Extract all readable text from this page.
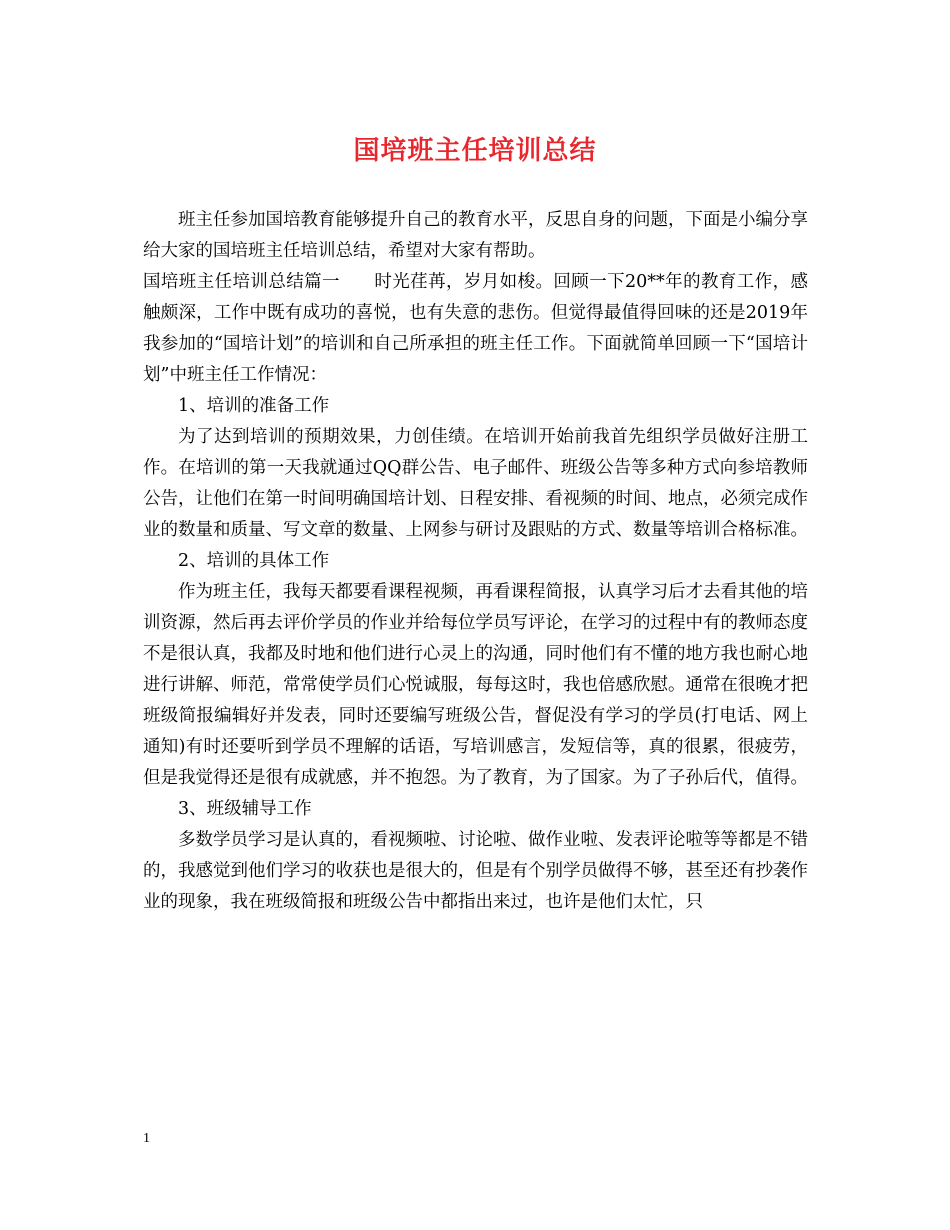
国培班主任培训总结

班主任参加国培教育能够提升自己的教育水平，反思自身的问题，下面是小编分享给大家的国培班主任培训总结，希望对大家有帮助。

国培班主任培训总结篇一 时光荏苒，岁月如梭。回顾一下20**年的教育工作，感触颇深，工作中既有成功的喜悦，也有失意的悲伤。但觉得最值得回味的还是2019年我参加的“国培计划”的培训和自己所承担的班主任工作。下面就简单回顾一下“国培计划”中班主任工作情况：

1、培训的准备工作

为了达到培训的预期效果，力创佳绩。在培训开始前我首先组织学员做好注册工作。在培训的第一天我就通过QQ群公告、电子邮件、班级公告等多种方式向参培教师公告，让他们在第一时间明确国培计划、日程安排、看视频的时间、地点，必须完成作业的数量和质量、写文章的数量、上网参与研讨及跟贴的方式、数量等培训合格标准。

2、培训的具体工作

作为班主任，我每天都要看课程视频，再看课程简报，认真学习后才去看其他的培训资源，然后再去评价学员的作业并给每位学员写评论，在学习的过程中有的教师态度不是很认真，我都及时地和他们进行心灵上的沟通，同时他们有不懂的地方我也耐心地进行讲解、师范，常常使学员们心悦诚服，每每这时，我也倍感欣慰。通常在很晚才把班级简报编辑好并发表，同时还要编写班级公告，督促没有学习的学员(打电话、网上通知)有时还要听到学员不理解的话语，写培训感言，发短信等，真的很累，很疲劳，但是我觉得还是很有成就感，并不抱怨。为了教育，为了国家。为了子孙后代，值得。

3、班级辅导工作

多数学员学习是认真的，看视频啦、讨论啦、做作业啦、发表评论啦等等都是不错的，我感觉到他们学习的收获也是很大的，但是有个别学员做得不够，甚至还有抄袭作业的现象，我在班级简报和班级公告中都指出来过，也许是他们太忙，只

1
